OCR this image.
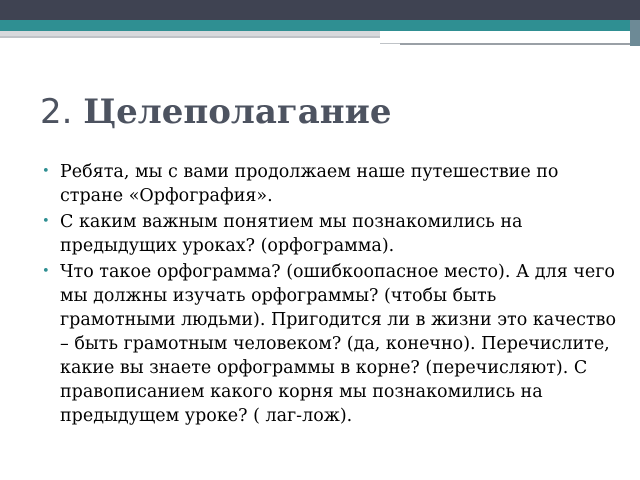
2. Целеполагание
• Ребята, мы с вами продолжаем наше путешествие по стране «Орфография».
• С каким важным понятием мы познакомились на предыдущих уроках? (орфограмма).
• Что такое орфограмма? (ошибкоопасное место). А для чего мы должны изучать орфограммы? (чтобы быть грамотными людьми). Пригодится ли в жизни это качество – быть грамотным человеком? (да, конечно). Перечислите, какие вы знаете орфограммы в корне? (перечисляют). С правописанием какого корня мы познакомились на предыдущем уроке? ( лаг-лож).
